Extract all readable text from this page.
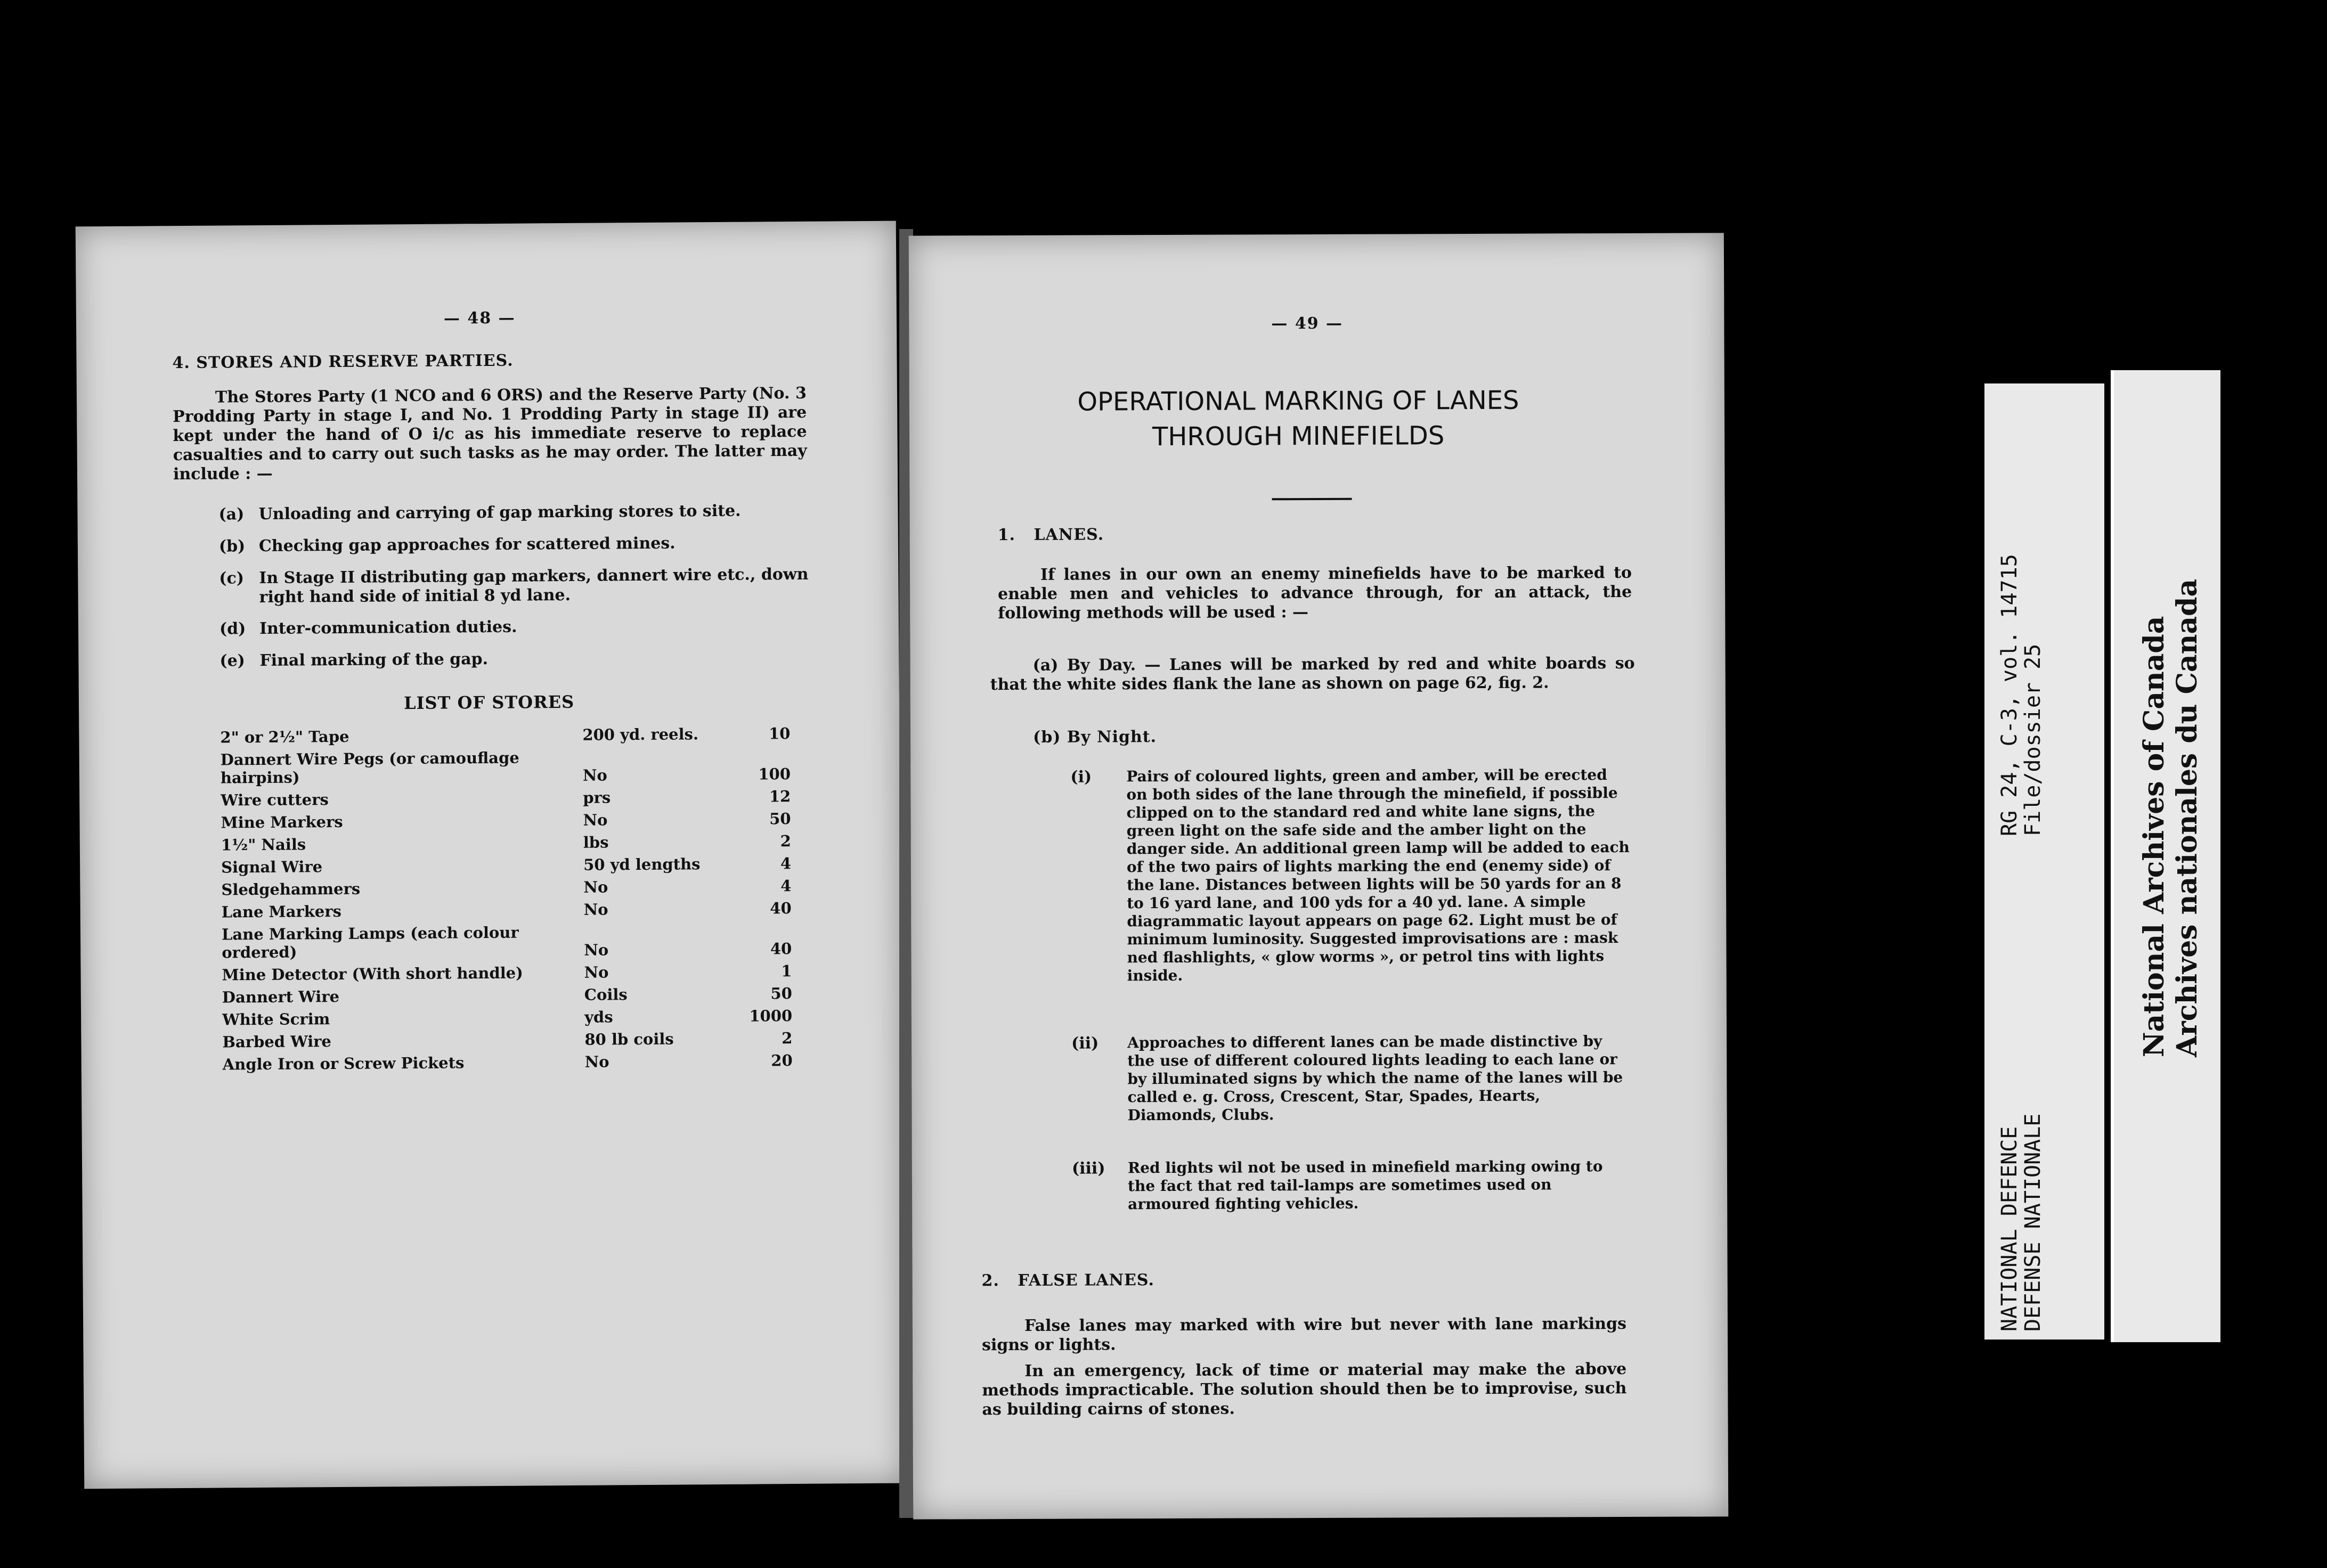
— 48 —
4. STORES AND RESERVE PARTIES.
The Stores Party (1 NCO and 6 ORS) and the Reserve Party (No. 3 Prodding Party in stage I, and No. 1 Prodding Party in stage II) are kept under the hand of O i/c as his immediate reserve to replace casualties and to carry out such tasks as he may order. The latter may include : —
(a) Unloading and carrying of gap marking stores to site.
(b) Checking gap approaches for scattered mines.
(c) In Stage II distributing gap markers, dannert wire etc., down right hand side of initial 8 yd lane.
(d) Inter-communication duties.
(e) Final marking of the gap.
LIST OF STORES
2" or 2½" Tape	200 yd. reels.	10
Dannert Wire Pegs (or camouflage hairpins)	No	100
Wire cutters	prs	12
Mine Markers	No	50
1½" Nails	lbs	2
Signal Wire	50 yd lengths	4
Sledgehammers	No	4
Lane Markers	No	40
Lane Marking Lamps (each colour ordered)	No	40
Mine Detector (With short handle)	No	1
Dannert Wire	Coils	50
White Scrim	yds	1000
Barbed Wire	80 lb coils	2
Angle Iron or Screw Pickets	No	20
— 49 —
OPERATIONAL MARKING OF LANES
THROUGH MINEFIELDS
1. LANES.
If lanes in our own an enemy minefields have to be marked to enable men and vehicles to advance through, for an attack, the following methods will be used : —
(a) By Day. — Lanes will be marked by red and white boards so that the white sides flank the lane as shown on page 62, fig. 2.
(b) By Night.
(i)	Pairs of coloured lights, green and amber, will be erected on both sides of the lane through the minefield, if possible clipped on to the standard red and white lane signs, the green light on the safe side and the amber light on the danger side. An additional green lamp will be added to each of the two pairs of lights marking the end (enemy side) of the lane. Distances between lights will be 50 yards for an 8 to 16 yard lane, and 100 yds for a 40 yd. lane. A simple diagrammatic layout appears on page 62. Light must be of minimum luminosity. Suggested improvisations are : mask ned flashlights, « glow worms », or petrol tins with lights inside.
(ii)	Approaches to different lanes can be made distinctive by the use of different coloured lights leading to each lane or by illuminated signs by which the name of the lanes will be called e. g. Cross, Crescent, Star, Spades, Hearts, Diamonds, Clubs.
(iii)	Red lights wil not be used in minefield marking owing to the fact that red tail-lamps are sometimes used on armoured fighting vehicles.
2. FALSE LANES.
False lanes may marked with wire but never with lane markings signs or lights.
In an emergency, lack of time or material may make the above methods impracticable. The solution should then be to improvise, such as building cairns of stones.
RG 24, C-3, vol. 14715
File/dossier 25
NATIONAL DEFENCE
DEFENSE NATIONALE
National Archives of Canada Archives nationales du Canada
